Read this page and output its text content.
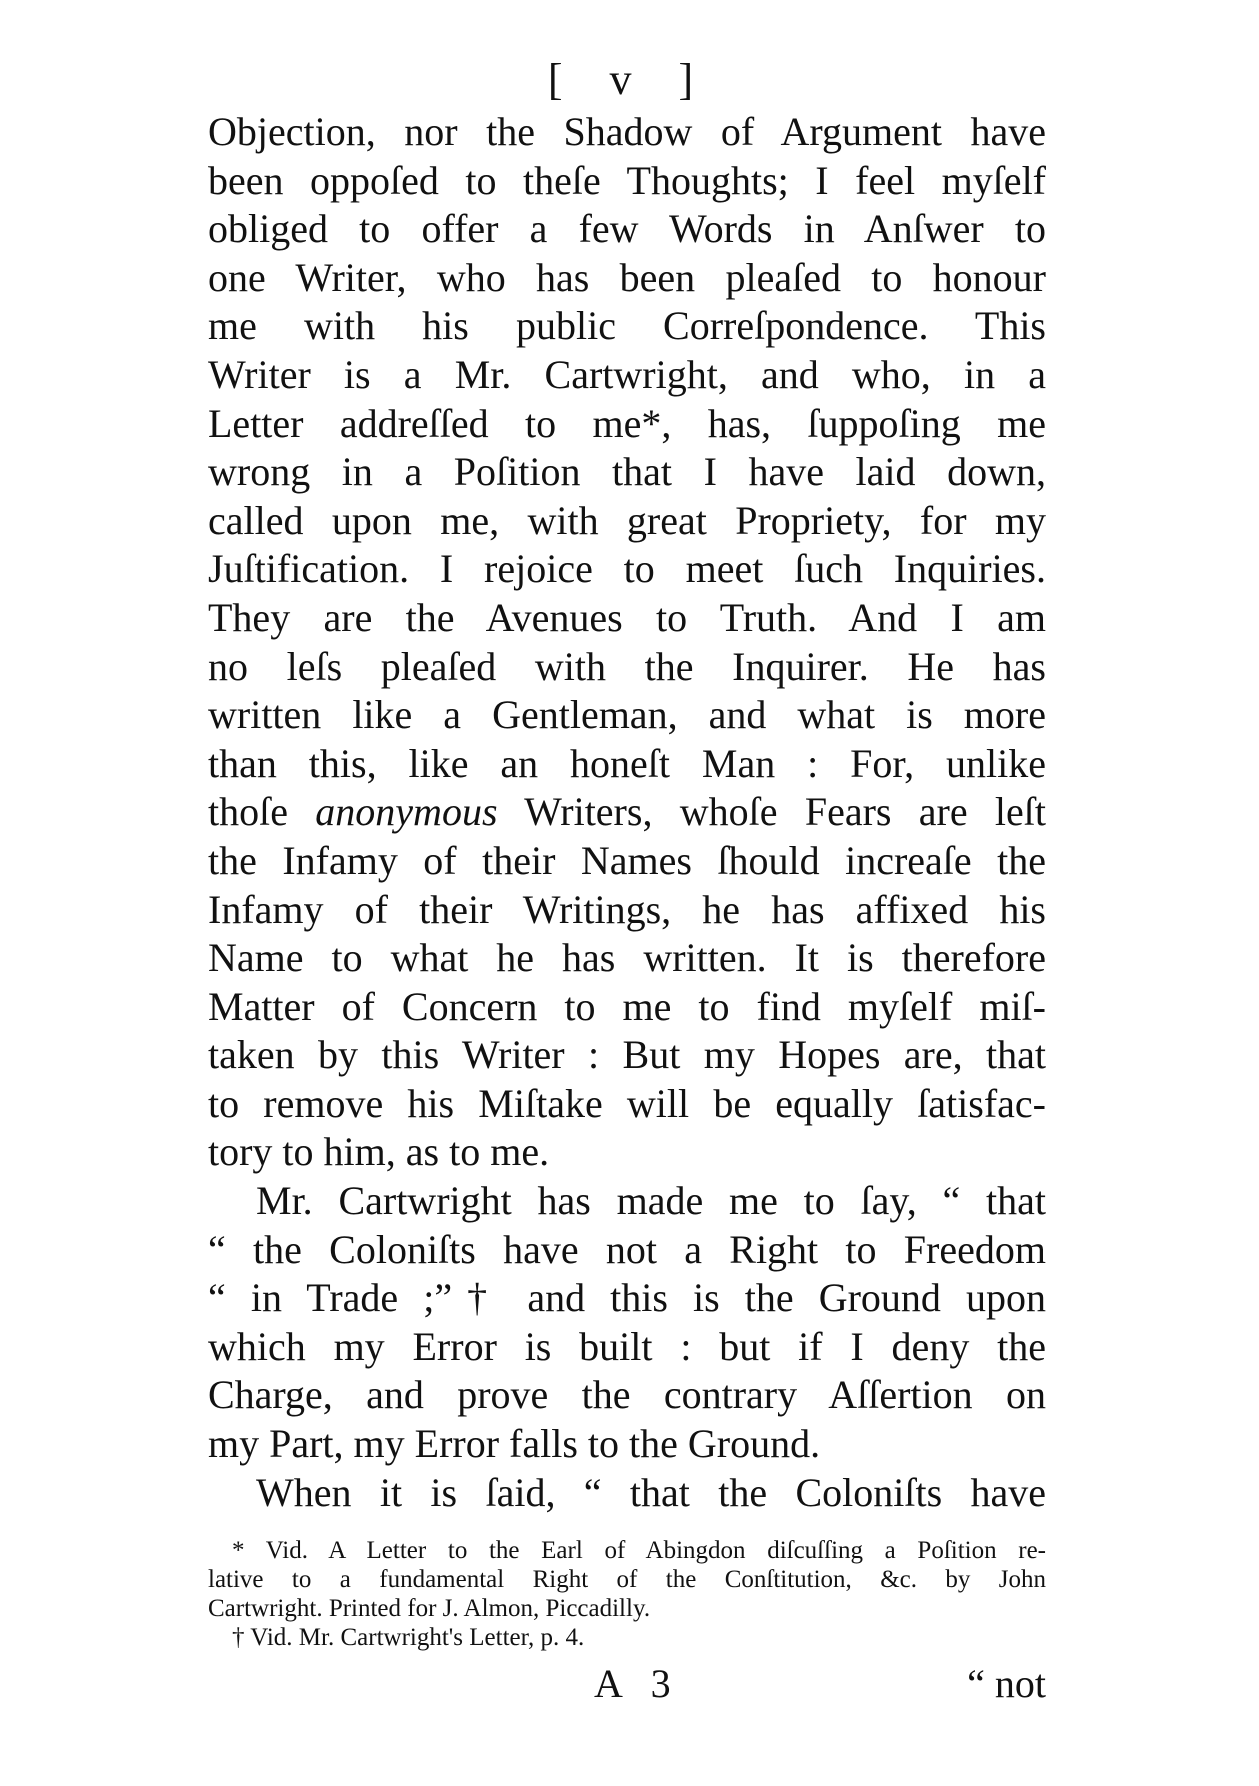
[ v ]
Objection, nor the Shadow of Argument have
been oppoſed to theſe Thoughts; I feel myſelf
obliged to offer a few Words in Anſwer to
one Writer, who has been pleaſed to honour
me with his public Correſpondence. This
Writer is a Mr. Cartwright, and who, in a
Letter addreſſed to me*, has, ſuppoſing me
wrong in a Poſition that I have laid down,
called upon me, with great Propriety, for my
Juſtification. I rejoice to meet ſuch Inquiries.
They are the Avenues to Truth. And I am
no leſs pleaſed with the Inquirer. He has
written like a Gentleman, and what is more
than this, like an honeſt Man : For, unlike
thoſe anonymous Writers, whoſe Fears are leſt
the Infamy of their Names ſhould increaſe the
Infamy of their Writings, he has affixed his
Name to what he has written. It is therefore
Matter of Concern to me to find myſelf miſ-
taken by this Writer : But my Hopes are, that
to remove his Miſtake will be equally ſatisfac-
tory to him, as to me.
Mr. Cartwright has made me to ſay, “ that
“ the Coloniſts have not a Right to Freedom
“ in Trade ;”† and this is the Ground upon
which my Error is built : but if I deny the
Charge, and prove the contrary Aſſertion on
my Part, my Error falls to the Ground.
When it is ſaid, “ that the Coloniſts have
* Vid. A Letter to the Earl of Abingdon diſcuſſing a Poſition re-
lative to a fundamental Right of the Conſtitution, &c. by John
Cartwright. Printed for J. Almon, Piccadilly.
† Vid. Mr. Cartwright's Letter, p. 4.
A 3	“ not
